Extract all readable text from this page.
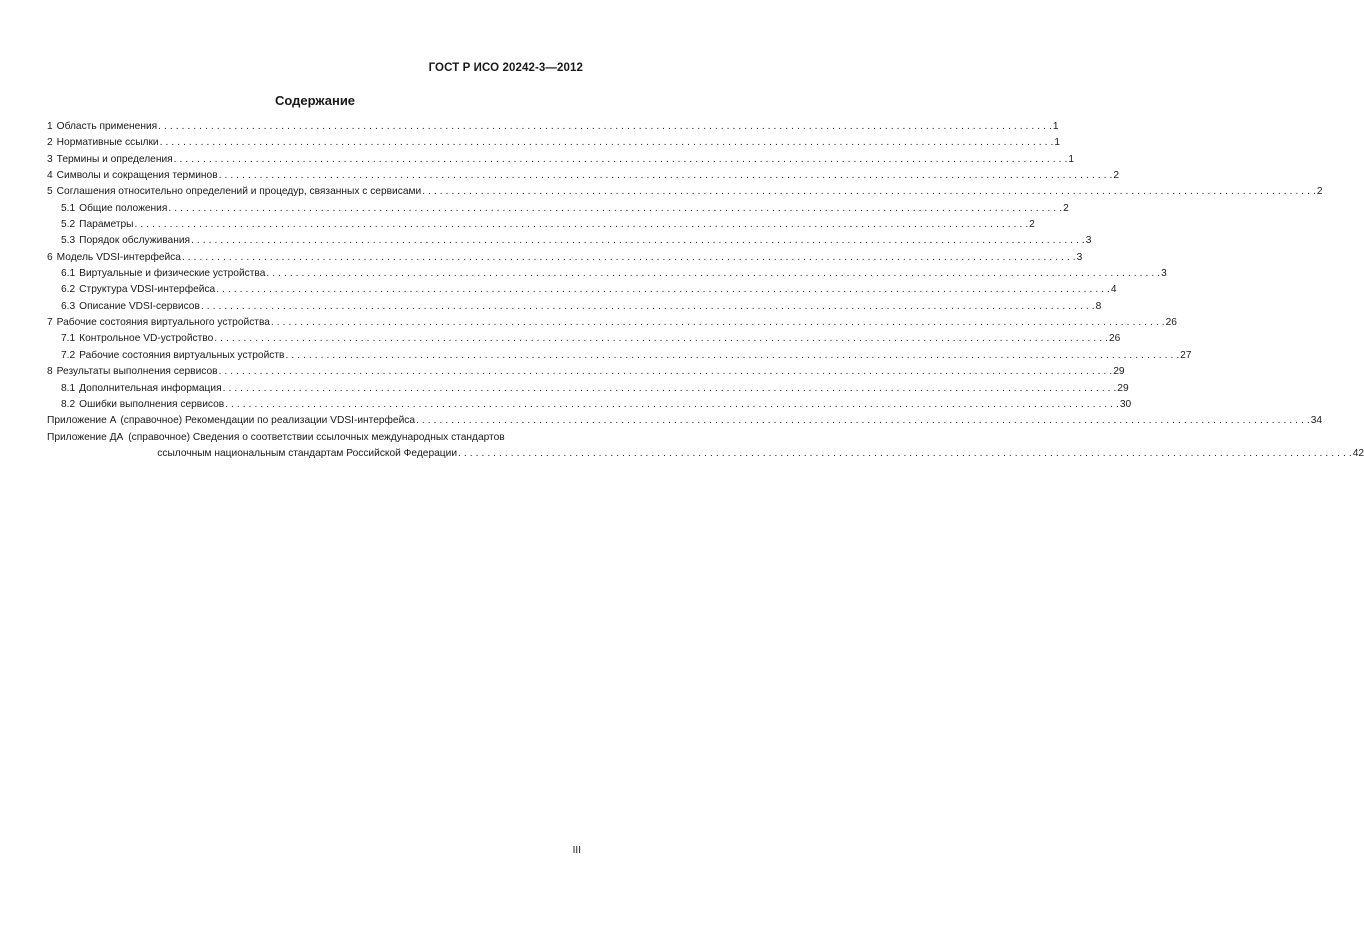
ГОСТ Р ИСО 20242-3—2012
Содержание
1 Область применения . . .	1
2 Нормативные ссылки . . .	1
3 Термины и определения . . .	1
4 Символы и сокращения терминов . . .	2
5 Соглашения относительно определений и процедур, связанных с сервисами . . .	2
5.1 Общие положения . . .	2
5.2 Параметры . . .	2
5.3 Порядок обслуживания . . .	3
6 Модель VDSI-интерфейса . . .	3
6.1 Виртуальные и физические устройства . . .	3
6.2 Структура VDSI-интерфейса . . .	4
6.3 Описание VDSI-сервисов . . .	8
7 Рабочие состояния виртуального устройства . . .	26
7.1 Контрольное VD-устройство . . .	26
7.2 Рабочие состояния виртуальных устройств . . .	27
8 Результаты выполнения сервисов . . .	29
8.1 Дополнительная информация . . .	29
8.2 Ошибки выполнения сервисов . . .	30
Приложение А (справочное) Рекомендации по реализации VDSI-интерфейса . . .	34
Приложение ДА (справочное) Сведения о соответствии ссылочных международных стандартов
ссылочным национальным стандартам Российской Федерации . . .	42
III
